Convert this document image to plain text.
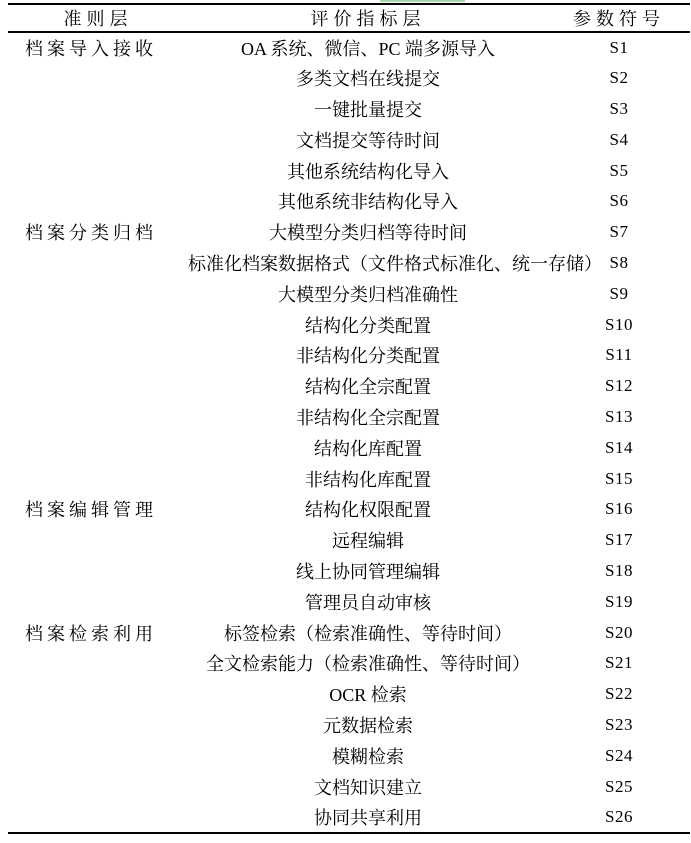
准则层	评价指标层	参数符号
档案导入接收	OA 系统、微信、PC 端多源导入	S1
	多类文档在线提交	S2
	一键批量提交	S3
	文档提交等待时间	S4
	其他系统结构化导入	S5
	其他系统非结构化导入	S6
档案分类归档	大模型分类归档等待时间	S7
	标准化档案数据格式（文件格式标准化、统一存储）	S8
	大模型分类归档准确性	S9
	结构化分类配置	S10
	非结构化分类配置	S11
	结构化全宗配置	S12
	非结构化全宗配置	S13
	结构化库配置	S14
	非结构化库配置	S15
档案编辑管理	结构化权限配置	S16
	远程编辑	S17
	线上协同管理编辑	S18
	管理员自动审核	S19
档案检索利用	标签检索（检索准确性、等待时间）	S20
	全文检索能力（检索准确性、等待时间）	S21
	OCR 检索	S22
	元数据检索	S23
	模糊检索	S24
	文档知识建立	S25
	协同共享利用	S26
